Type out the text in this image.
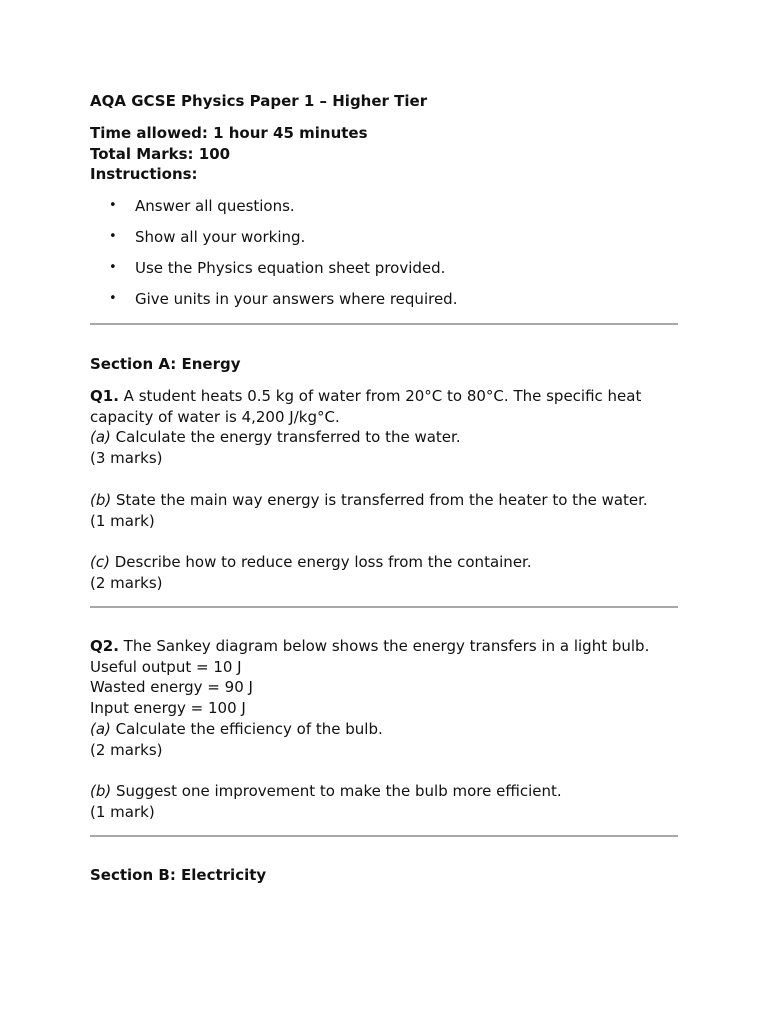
AQA GCSE Physics Paper 1 – Higher Tier
Time allowed: 1 hour 45 minutes
Total Marks: 100
Instructions:
• Answer all questions.
• Show all your working.
• Use the Physics equation sheet provided.
• Give units in your answers where required.
Section A: Energy
Q1. A student heats 0.5 kg of water from 20°C to 80°C. The specific heat
capacity of water is 4,200 J/kg°C.
(a) Calculate the energy transferred to the water.
(3 marks)
(b) State the main way energy is transferred from the heater to the water.
(1 mark)
(c) Describe how to reduce energy loss from the container.
(2 marks)
Q2. The Sankey diagram below shows the energy transfers in a light bulb.
Useful output = 10 J
Wasted energy = 90 J
Input energy = 100 J
(a) Calculate the efficiency of the bulb.
(2 marks)
(b) Suggest one improvement to make the bulb more efficient.
(1 mark)
Section B: Electricity
